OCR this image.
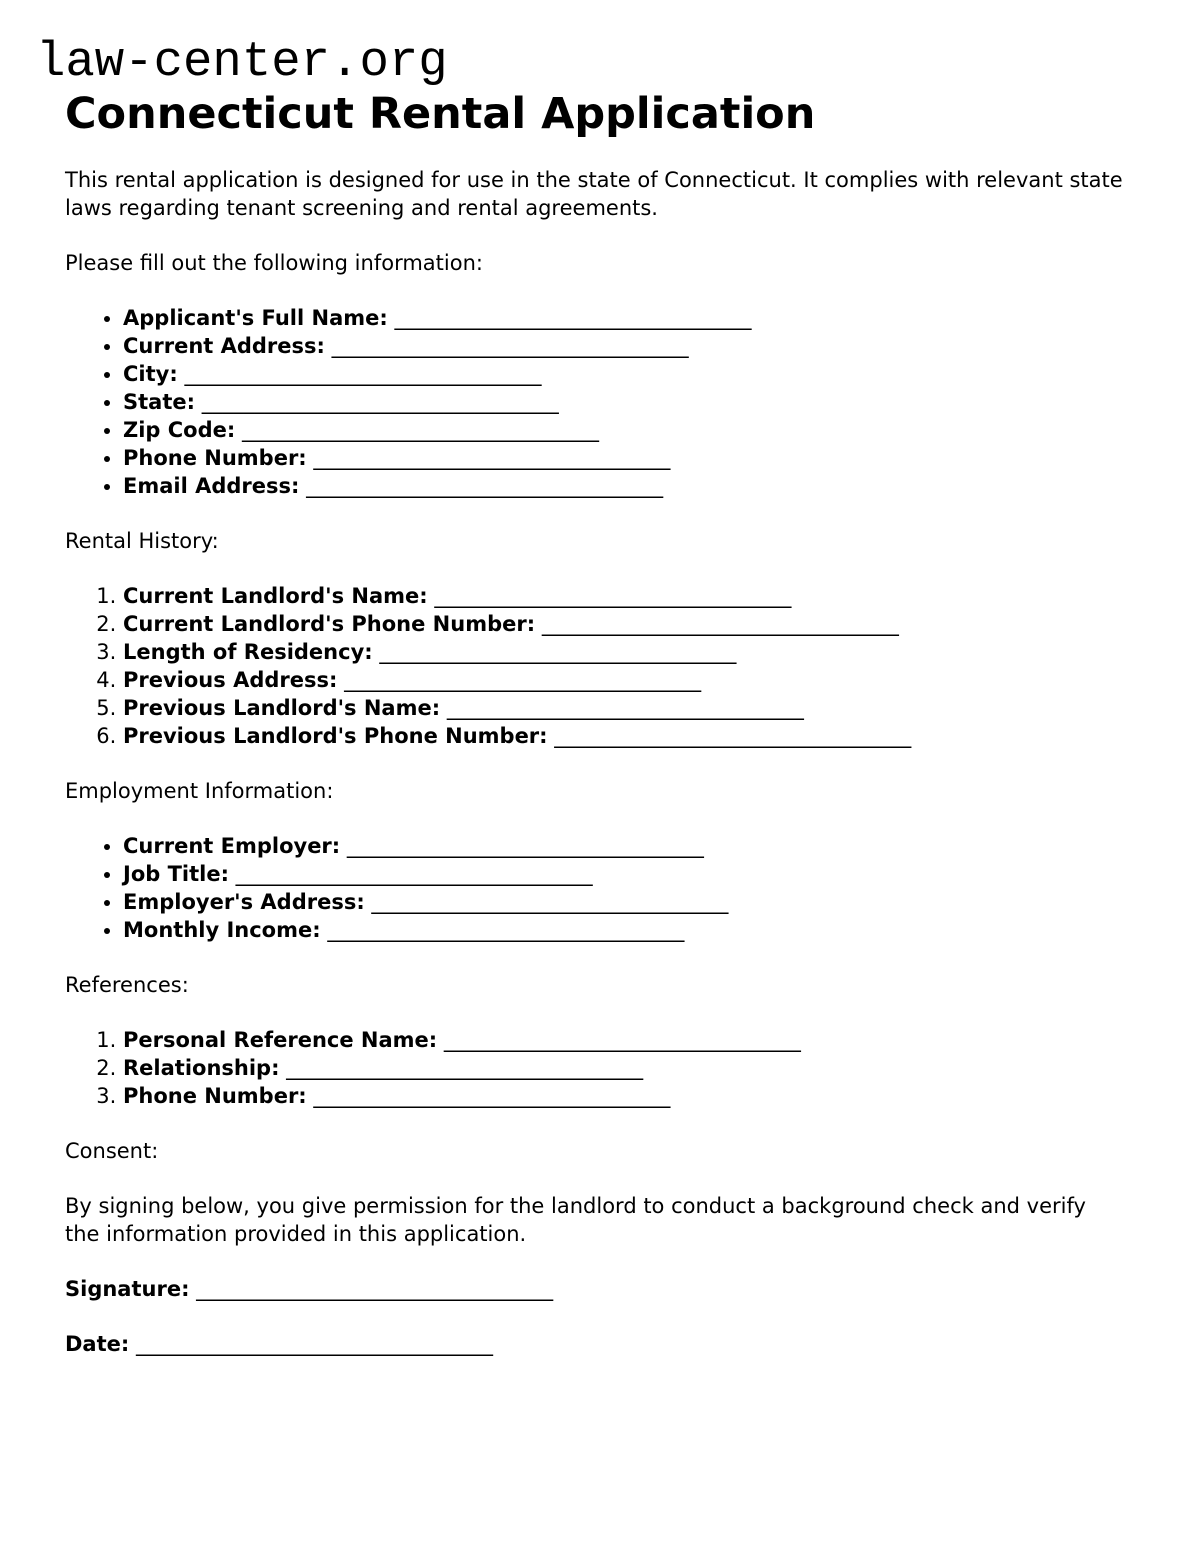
law-center.org
Connecticut Rental Application

This rental application is designed for use in the state of Connecticut. It complies with relevant state laws regarding tenant screening and rental agreements.

Please fill out the following information:

• Applicant's Full Name: __________________________________
• Current Address: __________________________________
• City: __________________________________
• State: __________________________________
• Zip Code: __________________________________
• Phone Number: __________________________________
• Email Address: __________________________________

Rental History:

1. Current Landlord's Name: __________________________________
2. Current Landlord's Phone Number: __________________________________
3. Length of Residency: __________________________________
4. Previous Address: __________________________________
5. Previous Landlord's Name: __________________________________
6. Previous Landlord's Phone Number: __________________________________

Employment Information:

• Current Employer: __________________________________
• Job Title: __________________________________
• Employer's Address: __________________________________
• Monthly Income: __________________________________

References:

1. Personal Reference Name: __________________________________
2. Relationship: __________________________________
3. Phone Number: __________________________________

Consent:

By signing below, you give permission for the landlord to conduct a background check and verify the information provided in this application.

Signature: __________________________________

Date: __________________________________
